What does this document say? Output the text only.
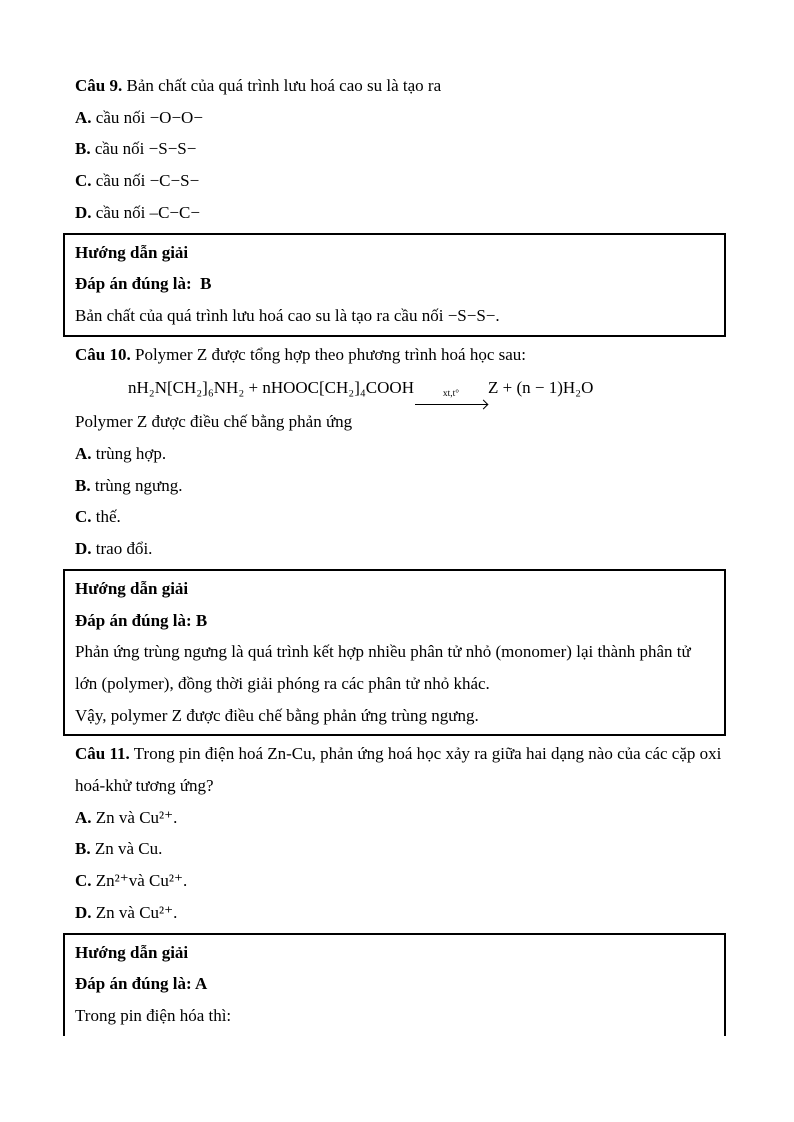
Câu 9. Bản chất của quá trình lưu hoá cao su là tạo ra
A. cầu nối −O−O−
B. cầu nối −S−S−
C. cầu nối −C−S−
D. cầu nối –C−C−
Hướng dẫn giải
Đáp án đúng là:  B
Bản chất của quá trình lưu hoá cao su là tạo ra cầu nối −S−S−.
Câu 10. Polymer Z được tổng hợp theo phương trình hoá học sau:
nH₂N[CH₂]₆NH₂ + nHOOC[CH₂]₄COOH	xt,t° Z + (n − 1)H₂O
Polymer Z được điều chế bằng phản ứng
A. trùng hợp.
B. trùng ngưng.
C. thế.
D. trao đổi.
Hướng dẫn giải
Đáp án đúng là: B
Phản ứng trùng ngưng là quá trình kết hợp nhiều phân tử nhỏ (monomer) lại thành phân tử lớn (polymer), đồng thời giải phóng ra các phân tử nhỏ khác.
Vậy, polymer Z được điều chế bằng phản ứng trùng ngưng.
Câu 11. Trong pin điện hoá Zn-Cu, phản ứng hoá học xảy ra giữa hai dạng nào của các cặp oxi hoá-khử tương ứng?
A. Zn và Cu²⁺.
B. Zn và Cu.
C. Zn²⁺và Cu²⁺.
D. Zn và Cu²⁺.
Hướng dẫn giải
Đáp án đúng là: A
Trong pin điện hóa thì:
